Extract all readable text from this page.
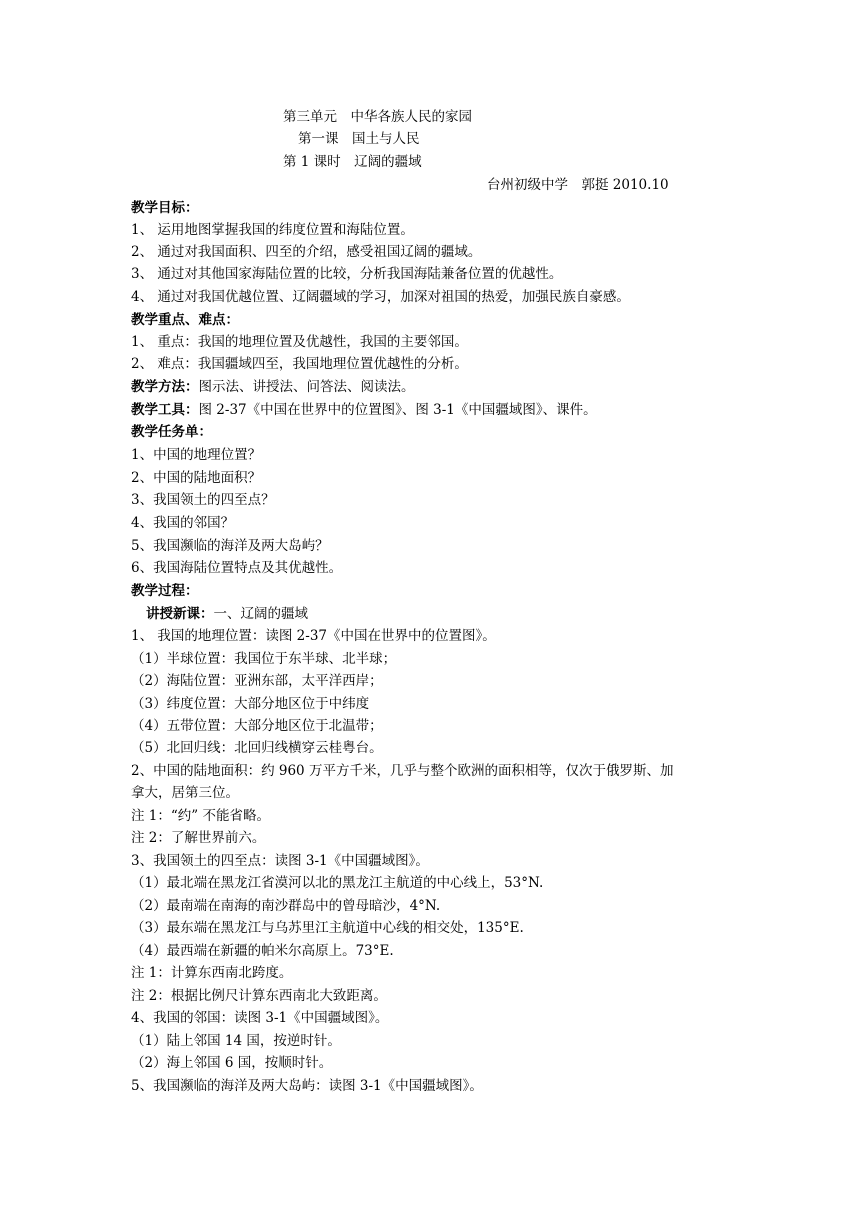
第三单元　中华各族人民的家园
第一课　国土与人民
第 1 课时　辽阔的疆域
台州初级中学　郭挺 2010.10
教学目标：
1、 运用地图掌握我国的纬度位置和海陆位置。
2、 通过对我国面积、四至的介绍，感受祖国辽阔的疆域。
3、 通过对其他国家海陆位置的比较，分析我国海陆兼备位置的优越性。
4、 通过对我国优越位置、辽阔疆域的学习，加深对祖国的热爱，加强民族自豪感。
教学重点、难点：
1、 重点：我国的地理位置及优越性，我国的主要邻国。
2、 难点：我国疆域四至，我国地理位置优越性的分析。
教学方法：图示法、讲授法、问答法、阅读法。
教学工具：图 2-37《中国在世界中的位置图》、图 3-1《中国疆域图》、课件。
教学任务单：
1、中国的地理位置？
2、中国的陆地面积？
3、我国领土的四至点？
4、我国的邻国？
5、我国濒临的海洋及两大岛屿？
6、我国海陆位置特点及其优越性。
教学过程：
讲授新课：一、辽阔的疆域
1、 我国的地理位置：读图 2-37《中国在世界中的位置图》。
（1）半球位置：我国位于东半球、北半球；
（2）海陆位置：亚洲东部，太平洋西岸；
（3）纬度位置：大部分地区位于中纬度
（4）五带位置：大部分地区位于北温带；
（5）北回归线：北回归线横穿云桂粤台。
2、中国的陆地面积：约 960 万平方千米，几乎与整个欧洲的面积相等，仅次于俄罗斯、加
拿大，居第三位。
注 1：“约” 不能省略。
注 2：了解世界前六。
3、我国领土的四至点：读图 3-1《中国疆域图》。
（1）最北端在黑龙江省漠河以北的黑龙江主航道的中心线上，53°N.
（2）最南端在南海的南沙群岛中的曾母暗沙，4°N.
（3）最东端在黑龙江与乌苏里江主航道中心线的相交处，135°E.
（4）最西端在新疆的帕米尔高原上。73°E.
注 1：计算东西南北跨度。
注 2：根据比例尺计算东西南北大致距离。
4、我国的邻国：读图 3-1《中国疆域图》。
（1）陆上邻国 14 国，按逆时针。
（2）海上邻国 6 国，按顺时针。
5、我国濒临的海洋及两大岛屿：读图 3-1《中国疆域图》。
